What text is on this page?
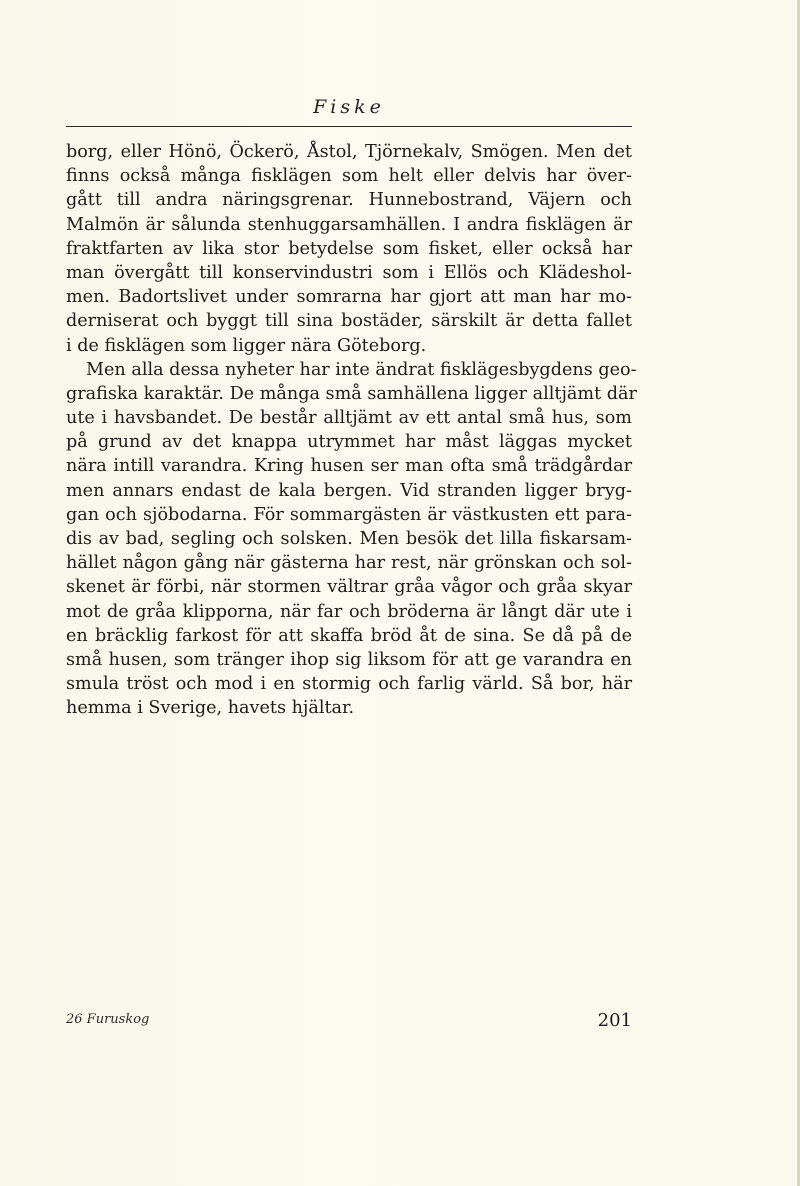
Fiske
borg, eller Hönö, Öckerö, Åstol, Tjörnekalv, Smögen. Men det
finns också många fisklägen som helt eller delvis har över-
gått till andra näringsgrenar. Hunnebostrand, Väjern och
Malmön är sålunda stenhuggarsamhällen. I andra fisklägen är
fraktfarten av lika stor betydelse som fisket, eller också har
man övergått till konservindustri som i Ellös och Klädeshol-
men. Badortslivet under somrarna har gjort att man har mo-
derniserat och byggt till sina bostäder, särskilt är detta fallet
i de fisklägen som ligger nära Göteborg.
Men alla dessa nyheter har inte ändrat fisklägesbygdens geo-
grafiska karaktär. De många små samhällena ligger alltjämt där
ute i havsbandet. De består alltjämt av ett antal små hus, som
på grund av det knappa utrymmet har måst läggas mycket
nära intill varandra. Kring husen ser man ofta små trädgårdar
men annars endast de kala bergen. Vid stranden ligger bryg-
gan och sjöbodarna. För sommargästen är västkusten ett para-
dis av bad, segling och solsken. Men besök det lilla fiskarsam-
hället någon gång när gästerna har rest, när grönskan och sol-
skenet är förbi, när stormen vältrar gråa vågor och gråa skyar
mot de gråa klipporna, när far och bröderna är långt där ute i
en bräcklig farkost för att skaffa bröd åt de sina. Se då på de
små husen, som tränger ihop sig liksom för att ge varandra en
smula tröst och mod i en stormig och farlig värld. Så bor, här
hemma i Sverige, havets hjältar.
26 Furuskog	201
